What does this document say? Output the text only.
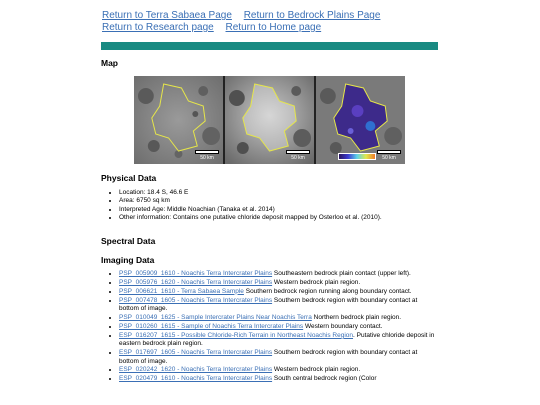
Return to Terra Sabaea Page Return to Bedrock Plains Page
Return to Research page Return to Home page
Map
50 km	50 km	50 km
Physical Data
• Location: 18.4 S, 46.6 E
• Area: 6750 sq km
• Interpreted Age: Middle Noachian (Tanaka et al. 2014)
• Other information: Contains one putative chloride deposit mapped by Osterloo et al. (2010).
Spectral Data
Imaging Data
• PSP_005909_1610 - Noachis Terra Intercrater Plains Southeastern bedrock plain contact (upper left).
• PSP_005976_1620 - Noachis Terra Intercrater Plains Western bedrock plain region.
• PSP_006621_1610 - Terra Sabaea Sample Southern bedrock region running along boundary contact.
• PSP_007478_1605 - Noachis Terra Intercrater Plains Southern bedrock region with boundary contact at bottom of image.
• PSP_010049_1625 - Sample Intercrater Plains Near Noachis Terra Northern bedrock plain region.
• PSP_010260_1615 - Sample of Noachis Terra Intercrater Plains Western boundary contact.
• ESP_016207_1615 - Possible Chloride-Rich Terrain in Northeast Noachis Region. Putative chloride deposit in eastern bedrock plain region.
• ESP_017697_1605 - Noachis Terra Intercrater Plains Southern bedrock region with boundary contact at bottom of image.
• ESP_020242_1620 - Noachis Terra Intercrater Plains Western bedrock plain region.
• ESP_020479_1610 - Noachis Terra Intercrater Plains South central bedrock region (Color
